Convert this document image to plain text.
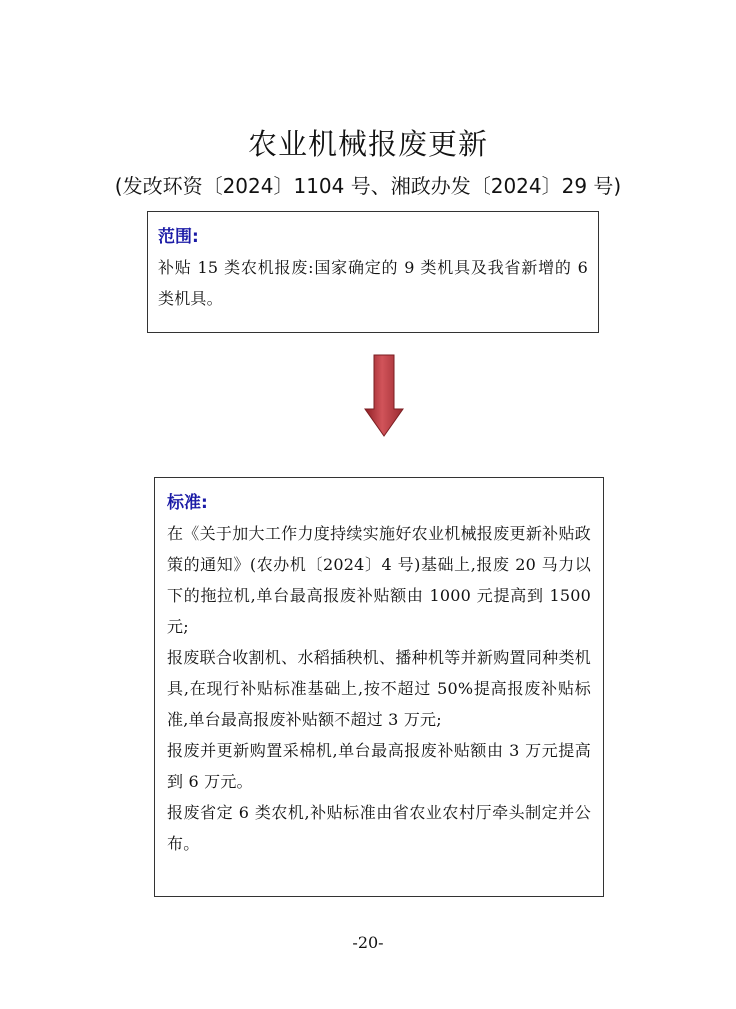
农业机械报废更新
(发改环资〔2024〕1104 号、湘政办发〔2024〕29 号)
范围:

补贴 15 类农机报废:国家确定的 9 类机具及我省新增的 6 类机具。

标准:

在《关于加大工作力度持续实施好农业机械报废更新补贴政策的通知》(农办机〔2024〕4 号)基础上,报废 20 马力以下的拖拉机,单台最高报废补贴额由 1000 元提高到 1500 元;

报废联合收割机、水稻插秧机、播种机等并新购置同种类机具,在现行补贴标准基础上,按不超过 50%提高报废补贴标准,单台最高报废补贴额不超过 3 万元;

报废并更新购置采棉机,单台最高报废补贴额由 3 万元提高到 6 万元。

报废省定 6 类农机,补贴标准由省农业农村厅牵头制定并公布。

-20-
